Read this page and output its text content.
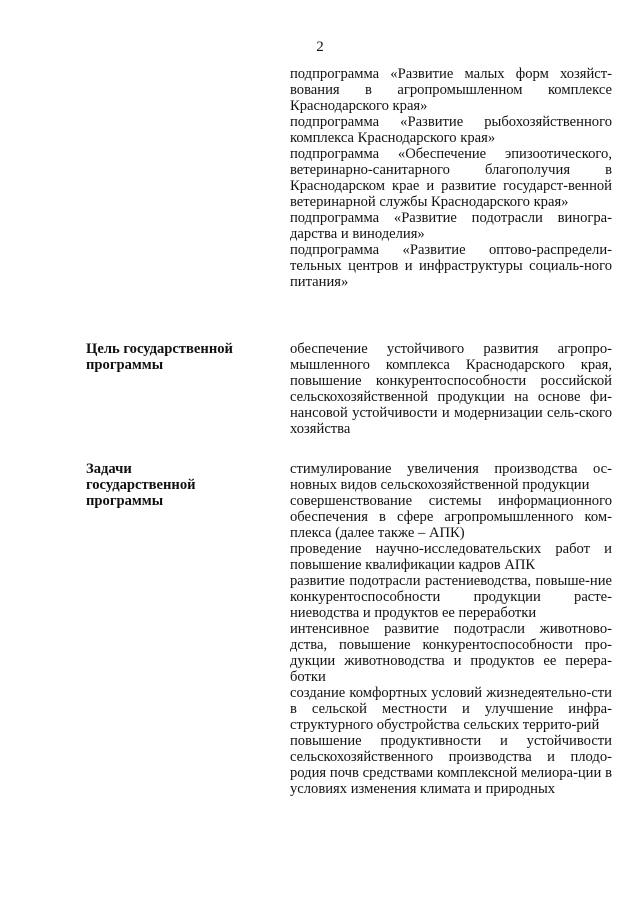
2

подпрограмма «Развитие малых форм хозяйст-вования в агропромышленном комплексе Краснодарского края»

подпрограмма «Развитие рыбохозяйственного комплекса Краснодарского края»

подпрограмма «Обеспечение эпизоотического, ветеринарно-санитарного благополучия в Краснодарском крае и развитие государст-венной ветеринарной службы Краснодарского края»

подпрограмма «Развитие подотрасли виногра-дарства и виноделия»

подпрограмма «Развитие оптово-распредели-тельных центров и инфраструктуры социаль-ного питания»

Цель государственной
программы

обеспечение устойчивого развития агропро-мышленного комплекса Краснодарского края, повышение конкурентоспособности российской сельскохозяйственной продукции на основе фи-нансовой устойчивости и модернизации сель-ского хозяйства

Задачи
государственной
программы

стимулирование увеличения производства ос-новных видов сельскохозяйственной продукции

совершенствование системы информационного обеспечения в сфере агропромышленного ком-плекса (далее также – АПК)

проведение научно-исследовательских работ и повышение квалификации кадров АПК

развитие подотрасли растениеводства, повыше-ние конкурентоспособности продукции расте-ниеводства и продуктов ее переработки

интенсивное развитие подотрасли животново-дства, повышение конкурентоспособности про-дукции животноводства и продуктов ее перера-ботки

создание комфортных условий жизнедеятельно-сти в сельской местности и улучшение инфра-структурного обустройства сельских террито-рий

повышение продуктивности и устойчивости сельскохозяйственного производства и плодо-родия почв средствами комплексной мелиора-ции в условиях изменения климата и природных
